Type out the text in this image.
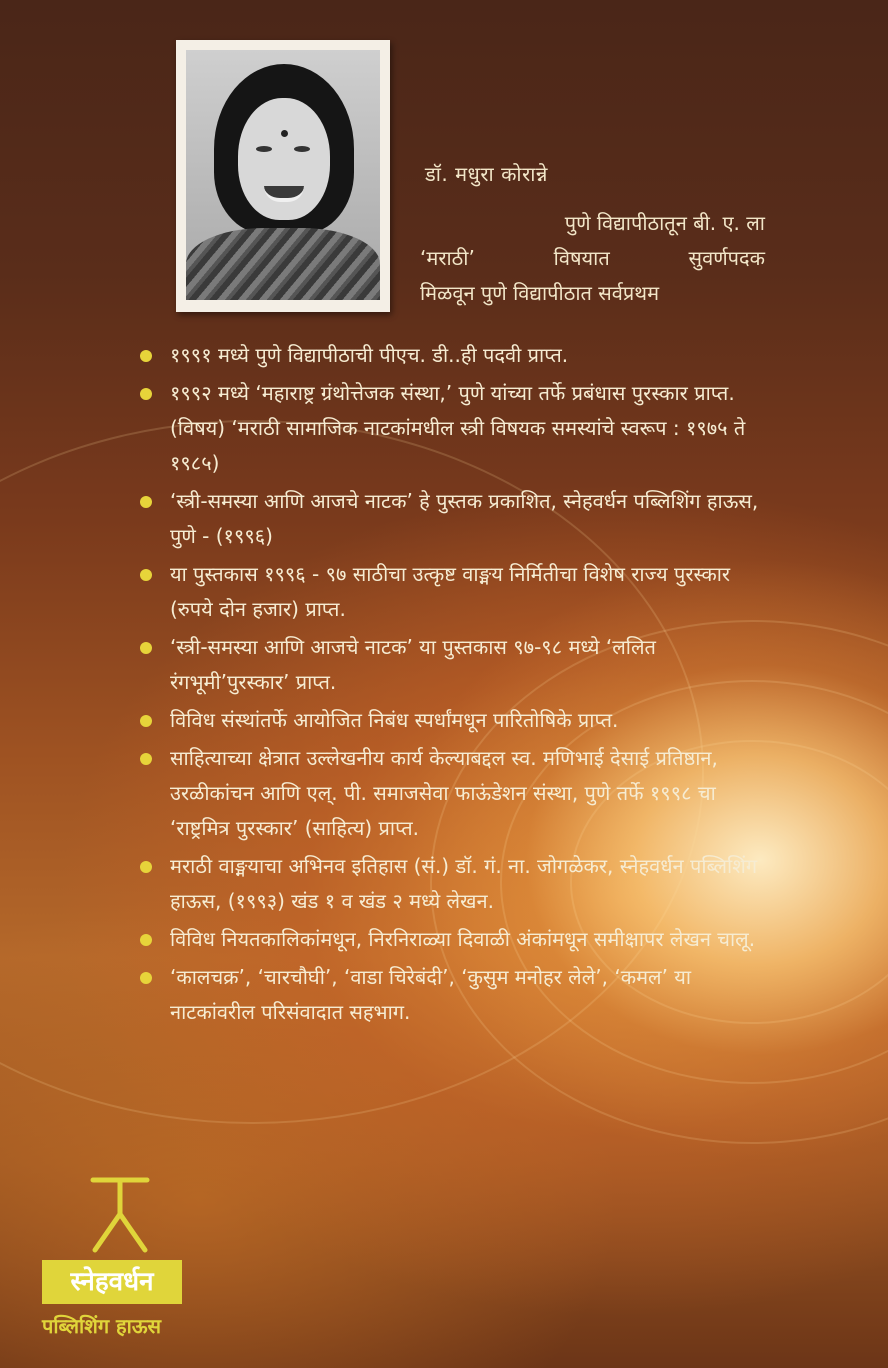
डॉ. मधुरा कोरान्ने
पुणे विद्यापीठातून बी. ए. ला
‘मराठी’ विषयात सुवर्णपदक
मिळवून पुणे विद्यापीठात सर्वप्रथम
१९९१ मध्ये पुणे विद्यापीठाची पीएच. डी..ही पदवी प्राप्त.
१९९२ मध्ये ‘महाराष्ट्र ग्रंथोत्तेजक संस्था,’ पुणे यांच्या तर्फे प्रबंधास पुरस्कार प्राप्त. (विषय) ‘मराठी सामाजिक नाटकांमधील स्त्री विषयक समस्यांचे स्वरूप : १९७५ ते १९८५)
‘स्त्री-समस्या आणि आजचे नाटक’ हे पुस्तक प्रकाशित, स्नेहवर्धन पब्लिशिंग हाऊस, पुणे - (१९९६)
या पुस्तकास १९९६ - ९७ साठीचा उत्कृष्ट वाङ्मय निर्मितीचा विशेष राज्य पुरस्कार (रुपये दोन हजार) प्राप्त.
‘स्त्री-समस्या आणि आजचे नाटक’ या पुस्तकास ९७-९८ मध्ये ‘ललित रंगभूमी’पुरस्कार’ प्राप्त.
विविध संस्थांतर्फे आयोजित निबंध स्पर्धांमधून पारितोषिके प्राप्त.
साहित्याच्या क्षेत्रात उल्लेखनीय कार्य केल्याबद्दल स्व. मणिभाई देसाई प्रतिष्ठान, उरळीकांचन आणि एल्. पी. समाजसेवा फाऊंडेशन संस्था, पुणे तर्फे १९९८ चा ‘राष्ट्रमित्र पुरस्कार’ (साहित्य) प्राप्त.
मराठी वाङ्मयाचा अभिनव इतिहास (सं.) डॉ. गं. ना. जोगळेकर, स्नेहवर्धन पब्लिशिंग हाऊस, (१९९३) खंड १ व खंड २ मध्ये लेखन.
विविध नियतकालिकांमधून, निरनिराळ्या दिवाळी अंकांमधून समीक्षापर लेखन चालू.
‘कालचक्र’, ‘चारचौघी’, ‘वाडा चिरेबंदी’, ‘कुसुम मनोहर लेले’, ‘कमल’ या नाटकांवरील परिसंवादात सहभाग.
स्नेहवर्धन
पब्लिशिंग हाऊस
